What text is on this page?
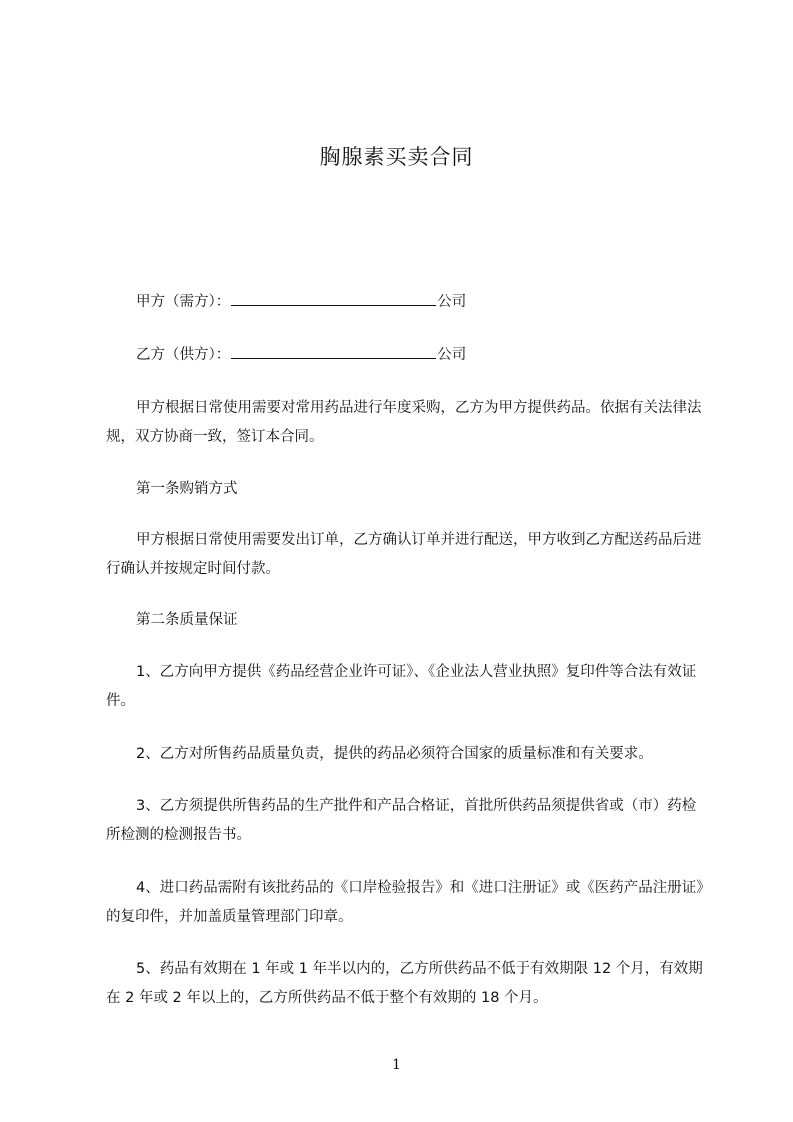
胸腺素买卖合同
甲方（需方）：	公司
乙方（供方）：	公司
甲方根据日常使用需要对常用药品进行年度采购，乙方为甲方提供药品。依据有关法律法规，双方协商一致，签订本合同。
第一条购销方式
甲方根据日常使用需要发出订单，乙方确认订单并进行配送，甲方收到乙方配送药品后进行确认并按规定时间付款。
第二条质量保证
1、乙方向甲方提供《药品经营企业许可证》、《企业法人营业执照》复印件等合法有效证件。
2、乙方对所售药品质量负责，提供的药品必须符合国家的质量标准和有关要求。
3、乙方须提供所售药品的生产批件和产品合格证，首批所供药品须提供省或（市）药检所检测的检测报告书。
4、进口药品需附有该批药品的《口岸检验报告》和《进口注册证》或《医药产品注册证》的复印件，并加盖质量管理部门印章。
5、药品有效期在 1 年或 1 年半以内的，乙方所供药品不低于有效期限 12 个月，有效期在 2 年或 2 年以上的，乙方所供药品不低于整个有效期的 18 个月。
1
